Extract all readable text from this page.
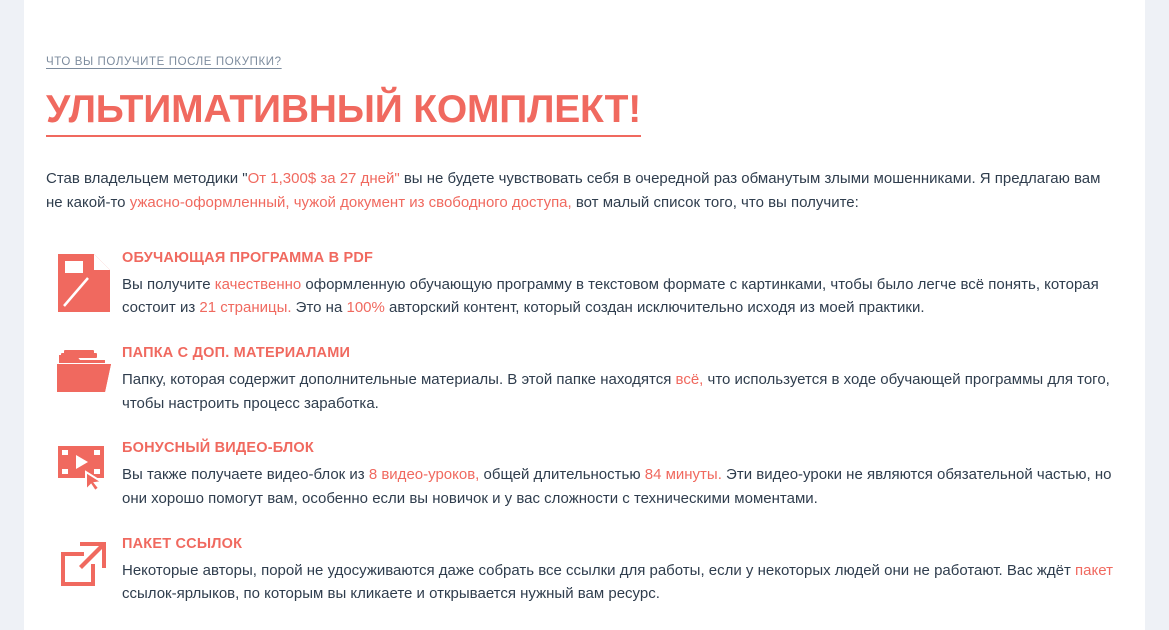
ЧТО ВЫ ПОЛУЧИТЕ ПОСЛЕ ПОКУПКИ?
УЛЬТИМАТИВНЫЙ КОМПЛЕКТ!

Став владельцем методики "От 1,300$ за 27 дней" вы не будете чувствовать себя в очередной раз обманутым злыми мошенниками. Я предлагаю вам не какой-то ужасно-оформленный, чужой документ из свободного доступа, вот малый список того, что вы получите:

ОБУЧАЮЩАЯ ПРОГРАММА В PDF

Вы получите качественно оформленную обучающую программу в текстовом формате с картинками, чтобы было легче всё понять, которая состоит из 21 страницы. Это на 100% авторский контент, который создан исключительно исходя из моей практики.

ПАПКА С ДОП. МАТЕРИАЛАМИ

Папку, которая содержит дополнительные материалы. В этой папке находятся всё, что используется в ходе обучающей программы для того, чтобы настроить процесс заработка.

БОНУСНЫЙ ВИДЕО-БЛОК

Вы также получаете видео-блок из 8 видео-уроков, общей длительностью 84 минуты. Эти видео-уроки не являются обязательной частью, но они хорошо помогут вам, особенно если вы новичок и у вас сложности с техническими моментами.

ПАКЕТ ССЫЛОК

Некоторые авторы, порой не удосуживаются даже собрать все ссылки для работы, если у некоторых людей они не работают. Вас ждёт пакет ссылок-ярлыков, по которым вы кликаете и открывается нужный вам ресурс.
